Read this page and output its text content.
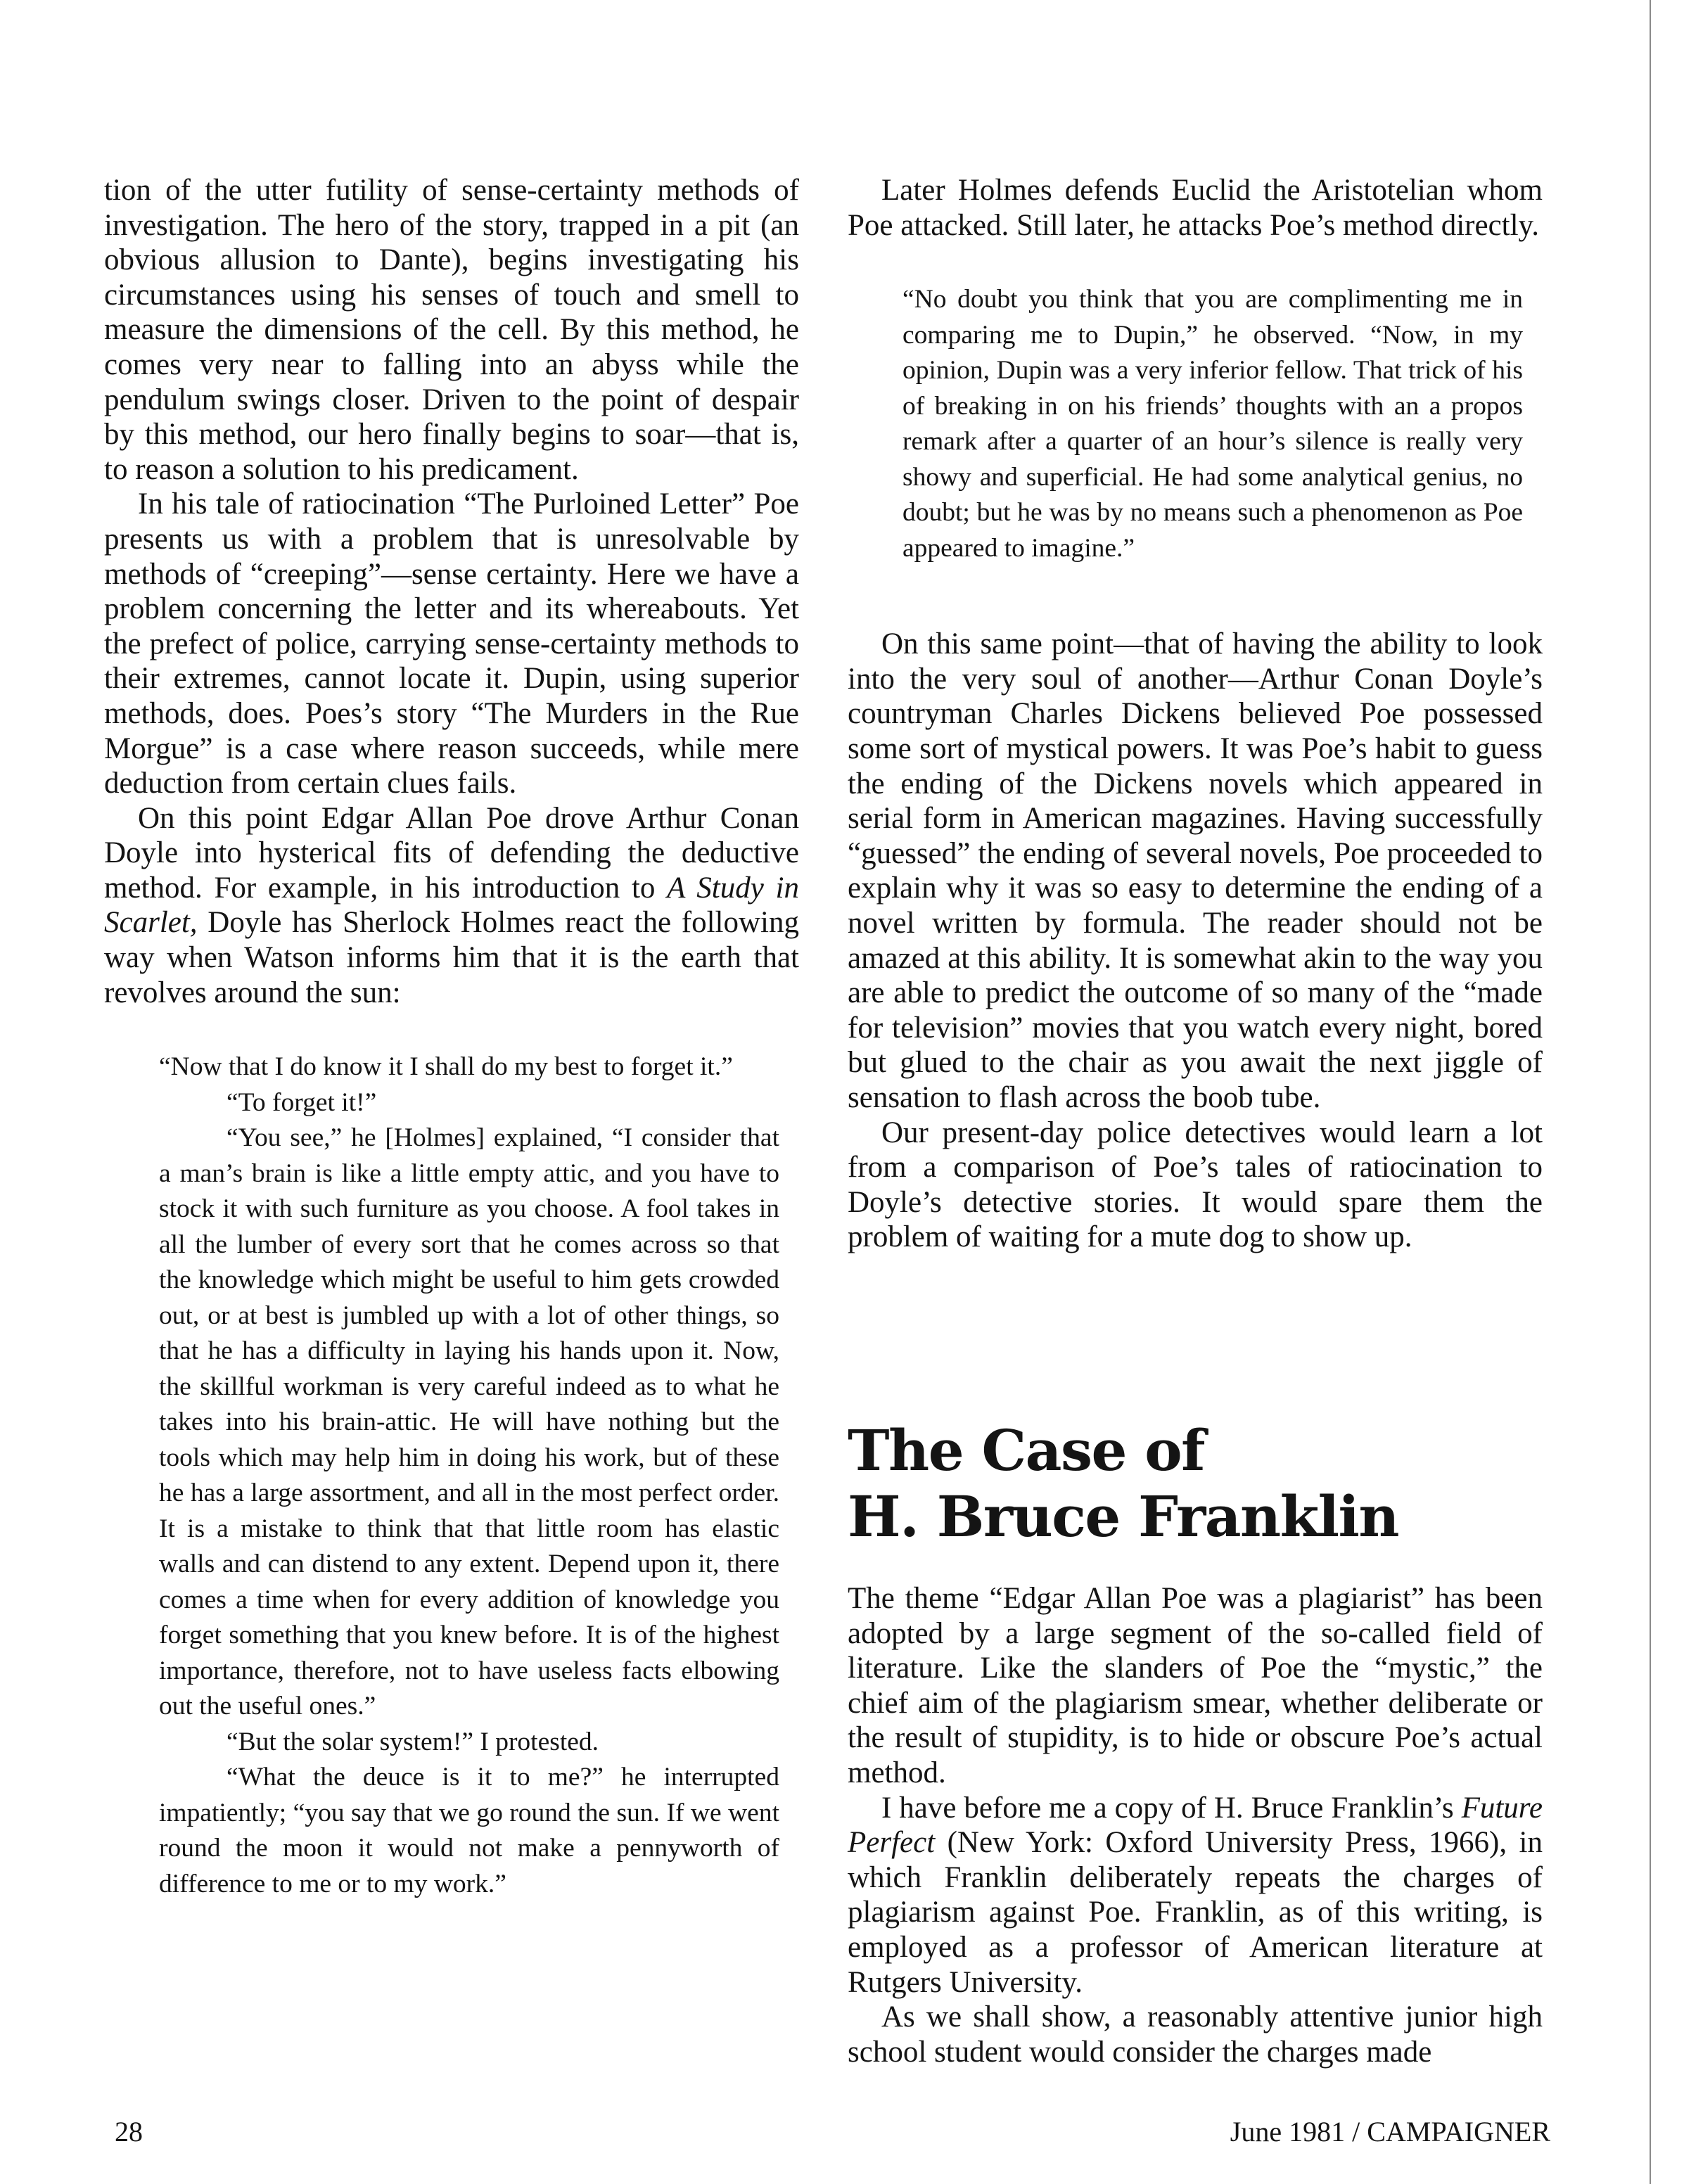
tion of the utter futility of sense-certainty methods of investigation. The hero of the story, trapped in a pit (an obvious allusion to Dante), begins investigating his circumstances using his senses of touch and smell to measure the dimensions of the cell. By this method, he comes very near to falling into an abyss while the pendulum swings closer. Driven to the point of despair by this method, our hero finally begins to soar—that is, to reason a solution to his predicament.

In his tale of ratiocination “The Purloined Letter” Poe presents us with a problem that is unresolvable by methods of “creeping”—sense certainty. Here we have a problem concerning the letter and its whereabouts. Yet the prefect of police, carrying sense-certainty methods to their extremes, cannot locate it. Dupin, using superior methods, does. Poes’s story “The Murders in the Rue Morgue” is a case where reason succeeds, while mere deduction from certain clues fails.

On this point Edgar Allan Poe drove Arthur Conan Doyle into hysterical fits of defending the deductive method. For example, in his introduction to A Study in Scarlet, Doyle has Sherlock Holmes react the following way when Watson informs him that it is the earth that revolves around the sun:

“Now that I do know it I shall do my best to forget it.”

“To forget it!”

“You see,” he [Holmes] explained, “I consider that a man’s brain is like a little empty attic, and you have to stock it with such furniture as you choose. A fool takes in all the lumber of every sort that he comes across so that the knowledge which might be useful to him gets crowded out, or at best is jumbled up with a lot of other things, so that he has a difficulty in laying his hands upon it. Now, the skillful workman is very careful indeed as to what he takes into his brain-attic. He will have nothing but the tools which may help him in doing his work, but of these he has a large assortment, and all in the most perfect order. It is a mistake to think that that little room has elastic walls and can distend to any extent. Depend upon it, there comes a time when for every addition of knowledge you forget something that you knew before. It is of the highest importance, therefore, not to have useless facts elbowing out the useful ones.”

“But the solar system!” I protested.

“What the deuce is it to me?” he interrupted impatiently; “you say that we go round the sun. If we went round the moon it would not make a pennyworth of difference to me or to my work.”

Later Holmes defends Euclid the Aristotelian whom Poe attacked. Still later, he attacks Poe’s method directly.

“No doubt you think that you are complimenting me in comparing me to Dupin,” he observed. “Now, in my opinion, Dupin was a very inferior fellow. That trick of his of breaking in on his friends’ thoughts with an a propos remark after a quarter of an hour’s silence is really very showy and superficial. He had some analytical genius, no doubt; but he was by no means such a phenomenon as Poe appeared to imagine.”

On this same point—that of having the ability to look into the very soul of another—Arthur Conan Doyle’s countryman Charles Dickens believed Poe possessed some sort of mystical powers. It was Poe’s habit to guess the ending of the Dickens novels which appeared in serial form in American magazines. Having successfully “guessed” the ending of several novels, Poe proceeded to explain why it was so easy to determine the ending of a novel written by formula. The reader should not be amazed at this ability. It is somewhat akin to the way you are able to predict the outcome of so many of the “made for television” movies that you watch every night, bored but glued to the chair as you await the next jiggle of sensation to flash across the boob tube.

Our present-day police detectives would learn a lot from a comparison of Poe’s tales of ratiocination to Doyle’s detective stories. It would spare them the problem of waiting for a mute dog to show up.

The Case of
H. Bruce Franklin

The theme “Edgar Allan Poe was a plagiarist” has been adopted by a large segment of the so-called field of literature. Like the slanders of Poe the “mystic,” the chief aim of the plagiarism smear, whether deliberate or the result of stupidity, is to hide or obscure Poe’s actual method.

I have before me a copy of H. Bruce Franklin’s Future Perfect (New York: Oxford University Press, 1966), in which Franklin deliberately repeats the charges of plagiarism against Poe. Franklin, as of this writing, is employed as a professor of American literature at Rutgers University.

As we shall show, a reasonably attentive junior high school student would consider the charges made

28	June 1981 / CAMPAIGNER
